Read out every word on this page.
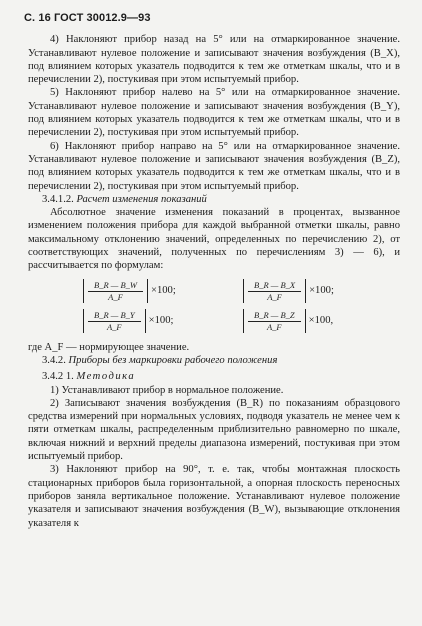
С. 16 ГОСТ 30012.9—93

4) Наклоняют прибор назад на 5° или на отмаркированное значение. Устанавливают нулевое положение и записывают значения возбуждения (B_X), под влиянием которых указатель подводится к тем же отметкам шкалы, что и в перечислении 2), постукивая при этом испытуемый прибор.

5) Наклоняют прибор налево на 5° или на отмаркированное значение. Устанавливают нулевое положение и записывают значения возбуждения (B_Y), под влиянием которых указатель подводится к тем же отметкам шкалы, что и в перечислении 2), постукивая при этом испытуемый прибор.

6) Наклоняют прибор направо на 5° или на отмаркированное значение. Устанавливают нулевое положение и записывают значения возбуждения (B_Z), под влиянием которых указатель подводится к тем же отметкам шкалы, что и в перечислении 2), постукивая при этом испытуемый прибор.

3.4.1.2. Расчет изменения показаний

Абсолютное значение изменения показаний в процентах, вызванное изменением положения прибора для каждой выбранной отметки шкалы, равно максимальному отклонению значений, определенных по перечислению 2), от соответствующих значений, полученных по перечислениям 3) — 6), и рассчитывается по формулам:

$\frac{B\_R — B\_W}{A\_F} \times 100$;	$\frac{B\_R — B\_X}{A\_F} \times 100$;
$\frac{B\_R — B\_Y}{A\_F} \times 100$;	$\frac{B\_R — B\_Z}{A\_F} \times 100$,

где A_F — нормирующее значение.

3.4.2. Приборы без маркировки рабочего положения

3.4.2 1. Методика

1) Устанавливают прибор в нормальное положение.

2) Записывают значения возбуждения (B_R) по показаниям образцового средства измерений при нормальных условиях, подводя указатель не менее чем к пяти отметкам шкалы, распределенным приблизительно равномерно по шкале, включая нижний и верхний пределы диапазона измерений, постукивая при этом испытуемый прибор.

3) Наклоняют прибор на 90°, т. е. так, чтобы монтажная плоскость стационарных приборов была горизонтальной, а опорная плоскость переносных приборов заняла вертикальное положение. Устанавливают нулевое положение указателя и записывают значения возбуждения (B_W), вызывающие отклонения указателя к
